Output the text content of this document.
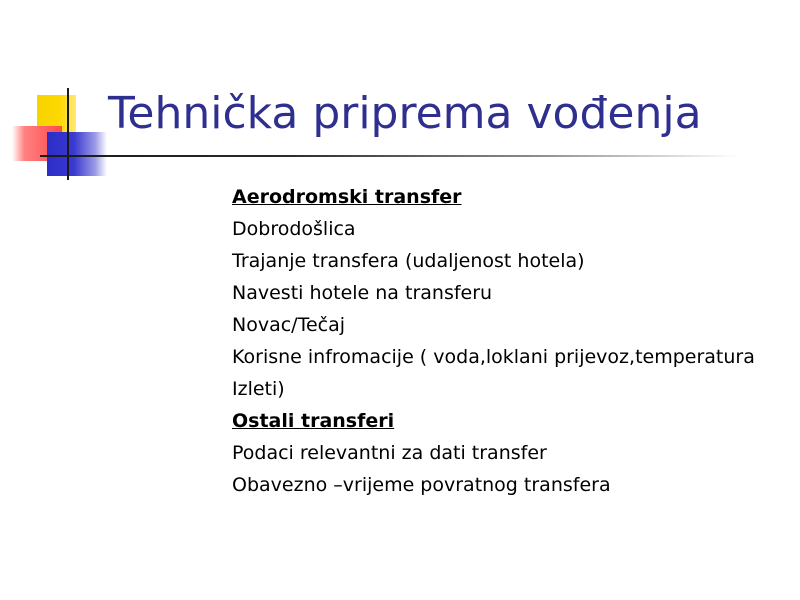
Tehnička priprema vođenja
Aerodromski transfer
Dobrodošlica
Trajanje transfera (udaljenost hotela)
Navesti hotele na transferu
Novac/Tečaj
Korisne infromacije ( voda,loklani prijevoz,temperatura
Izleti)
Ostali transferi
Podaci relevantni za dati transfer
Obavezno –vrijeme povratnog transfera
